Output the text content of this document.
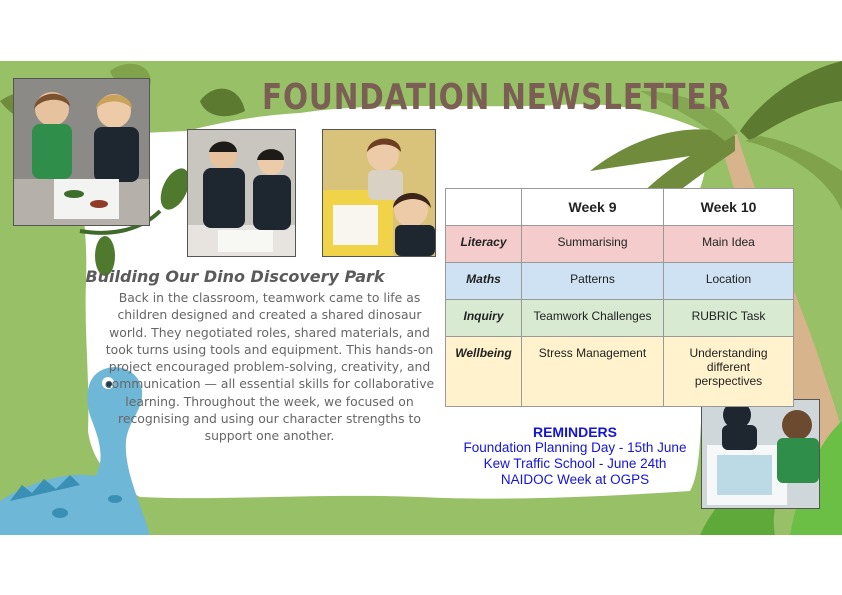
FOUNDATION NEWSLETTER
Building Our Dino Discovery Park
Back in the classroom, teamwork came to life as children designed and created a shared dinosaur world. They negotiated roles, shared materials, and took turns using tools and equipment. This hands-on project encouraged problem-solving, creativity, and communication — all essential skills for collaborative learning. Throughout the week, we focused on recognising and using our character strengths to support one another.
	Week 9	Week 10
Literacy	Summarising	Main Idea
Maths	Patterns	Location
Inquiry	Teamwork Challenges	RUBRIC Task
Wellbeing	Stress Management	Understanding different perspectives
REMINDERS
Foundation Planning Day - 15th June
Kew Traffic School - June 24th
NAIDOC Week at OGPS
